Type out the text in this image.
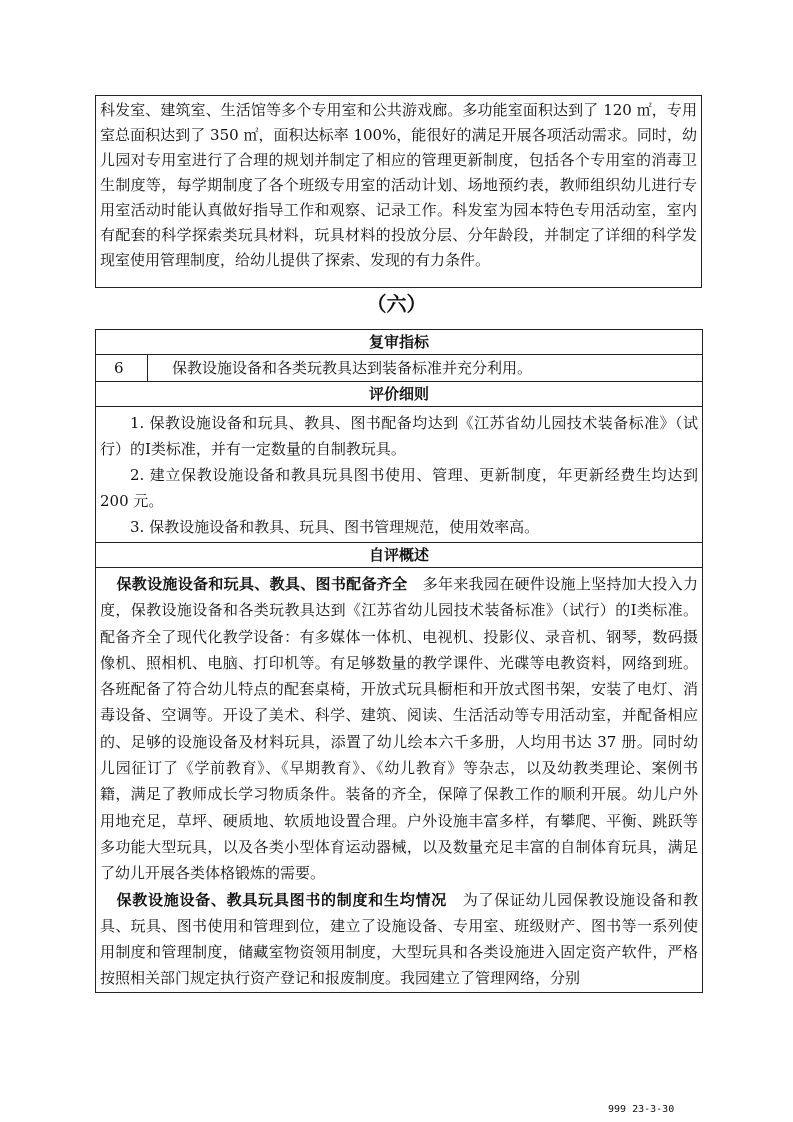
科发室、建筑室、生活馆等多个专用室和公共游戏廊。多功能室面积达到了 120 ㎡，专用室总面积达到了 350 ㎡，面积达标率 100%，能很好的满足开展各项活动需求。同时，幼儿园对专用室进行了合理的规划并制定了相应的管理更新制度，包括各个专用室的消毒卫生制度等，每学期制度了各个班级专用室的活动计划、场地预约表，教师组织幼儿进行专用室活动时能认真做好指导工作和观察、记录工作。科发室为园本特色专用活动室，室内有配套的科学探索类玩具材料，玩具材料的投放分层、分年龄段，并制定了详细的科学发现室使用管理制度，给幼儿提供了探索、发现的有力条件。

（六）
复审指标
6	保教设施设备和各类玩教具达到装备标准并充分利用。
评价细则

1. 保教设施设备和玩具、教具、图书配备均达到《江苏省幼儿园技术装备标准》（试行）的Ⅰ类标准，并有一定数量的自制教玩具。

2. 建立保教设施设备和教具玩具图书使用、管理、更新制度，年更新经费生均达到 200 元。

3. 保教设施设备和教具、玩具、图书管理规范，使用效率高。

自评概述

保教设施设备和玩具、教具、图书配备齐全　 多年来我园在硬件设施上坚持加大投入力度，保教设施设备和各类玩教具达到《江苏省幼儿园技术装备标准》（试行）的Ⅰ类标准。配备齐全了现代化教学设备：有多媒体一体机、电视机、投影仪、录音机、钢琴，数码摄像机、照相机、电脑、打印机等。有足够数量的教学课件、光碟等电教资料，网络到班。各班配备了符合幼儿特点的配套桌椅，开放式玩具橱柜和开放式图书架，安装了电灯、消毒设备、空调等。开设了美术、科学、建筑、阅读、生活活动等专用活动室，并配备相应的、足够的设施设备及材料玩具，添置了幼儿绘本六千多册，人均用书达 37 册。同时幼儿园征订了《学前教育》、《早期教育》、《幼儿教育》等杂志，以及幼教类理论、案例书籍，满足了教师成长学习物质条件。装备的齐全，保障了保教工作的顺利开展。幼儿户外用地充足，草坪、硬质地、软质地设置合理。户外设施丰富多样，有攀爬、平衡、跳跃等多功能大型玩具，以及各类小型体育运动器械，以及数量充足丰富的自制体育玩具，满足了幼儿开展各类体格锻炼的需要。

保教设施设备、教具玩具图书的制度和生均情况　 为了保证幼儿园保教设施设备和教具、玩具、图书使用和管理到位，建立了设施设备、专用室、班级财产、图书等一系列使用制度和管理制度，储藏室物资领用制度，大型玩具和各类设施进入固定资产软件，严格按照相关部门规定执行资产登记和报废制度。我园建立了管理网络，分别

999 23-3-30
